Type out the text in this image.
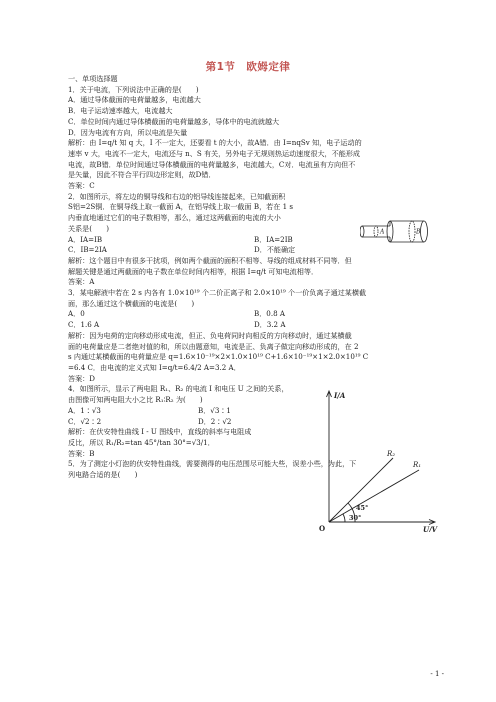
第1节　欧姆定律
一、单项选择题
1．关于电流，下列说法中正确的是(　　)
A．通过导体截面的电荷量越多，电流越大
B．电子运动速率越大，电流越大
C．单位时间内通过导体横截面的电荷量越多，导体中的电流就越大
D．因为电流有方向，所以电流是矢量
解析：由 I=q/t 知 q 大，I 不一定大，还要看 t 的大小，故A错．由 I=nqSv 知，电子运动的
速率 v 大，电流不一定大，电流还与 n、S 有关，另外电子无规则热运动速度很大，不能形成
电流，故B错．单位时间通过导体横截面的电荷量越多，电流越大，C对．电流虽有方向但不
是矢量，因此不符合平行四边形定则，故D错．
答案：C
2．如图所示，将左边的铜导线和右边的铝导线连接起来，已知截面积
S铝=2S铜．在铜导线上取一截面 A，在铝导线上取一截面 B，若在 1 s
内垂直地通过它们的电子数相等，那么，通过这两截面的电流的大小
关系是(　　)
A．IA=IB	B．IA=2IB
C．IB=2IA	D．不能确定
解析：这个题目中有很多干扰项，例如两个截面的面积不相等、导线的组成材料不同等．但
解题关键是通过两截面的电子数在单位时间内相等，根据 I=q/t 可知电流相等．
答案：A
3．某电解液中若在 2 s 内各有 1.0×10¹⁹ 个二价正离子和 2.0×10¹⁹ 个一价负离子通过某横截
面，那么通过这个横截面的电流是(　　)
A．0	B．0.8 A
C．1.6 A	D．3.2 A
解析：因为电荷的定向移动形成电流，但正、负电荷同时向相反的方向移动时，通过某横截
面的电荷量应是二者绝对值的和，所以由题意知，电流是正、负离子做定向移动形成的，在 2
s 内通过某横截面的电荷量应是 q=1.6×10⁻¹⁹×2×1.0×10¹⁹ C+1.6×10⁻¹⁹×1×2.0×10¹⁹ C
=6.4 C．由电流的定义式知 I=q/t=6.4/2 A=3.2 A．
答案：D
4．如图所示，显示了两电阻 R₁、R₂ 的电流 I 和电压 U 之间的关系，
由图像可知两电阻大小之比 R₁∶R₂ 为(　　)
A．1∶√3	B．√3∶1
C．√2∶2	D．2∶√2
解析：在伏安特性曲线 I - U 图线中，直线的斜率与电阻成
反比，所以 R₁/R₂=tan 45°/tan 30°=√3/1．
答案：B
5．为了测定小灯泡的伏安特性曲线，需要测得的电压范围尽可能大些，误差小些，为此，下
列电路合适的是(　　)
A	B
I/A
U/V
O
R₂
R₁
30°
45°
- 1 -
